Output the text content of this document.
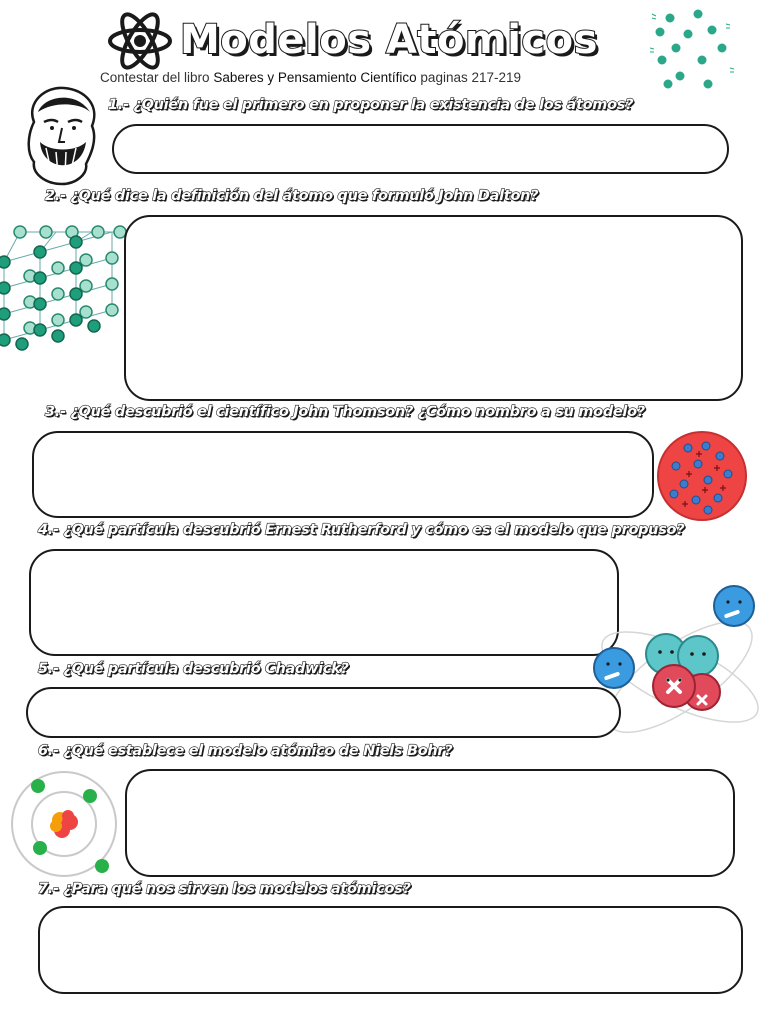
Modelos Atómicos
Contestar del libro Saberes y Pensamiento Científico paginas 217-219
1.- ¿Quién fue el primero en proponer la existencia de los átomos?
2.- ¿Qué dice la definición del átomo que formuló John Dalton?
3.- ¿Qué descubrió el científico John Thomson? ¿Cómo nombro a su modelo?
4.- ¿Qué partícula descubrió Ernest Rutherford y cómo es el modelo que propuso?
5.- ¿Qué partícula descubrió Chadwick?
6.- ¿Qué establece el modelo atómico de Niels Bohr?
7.- ¿Para qué nos sirven los modelos atómicos?
